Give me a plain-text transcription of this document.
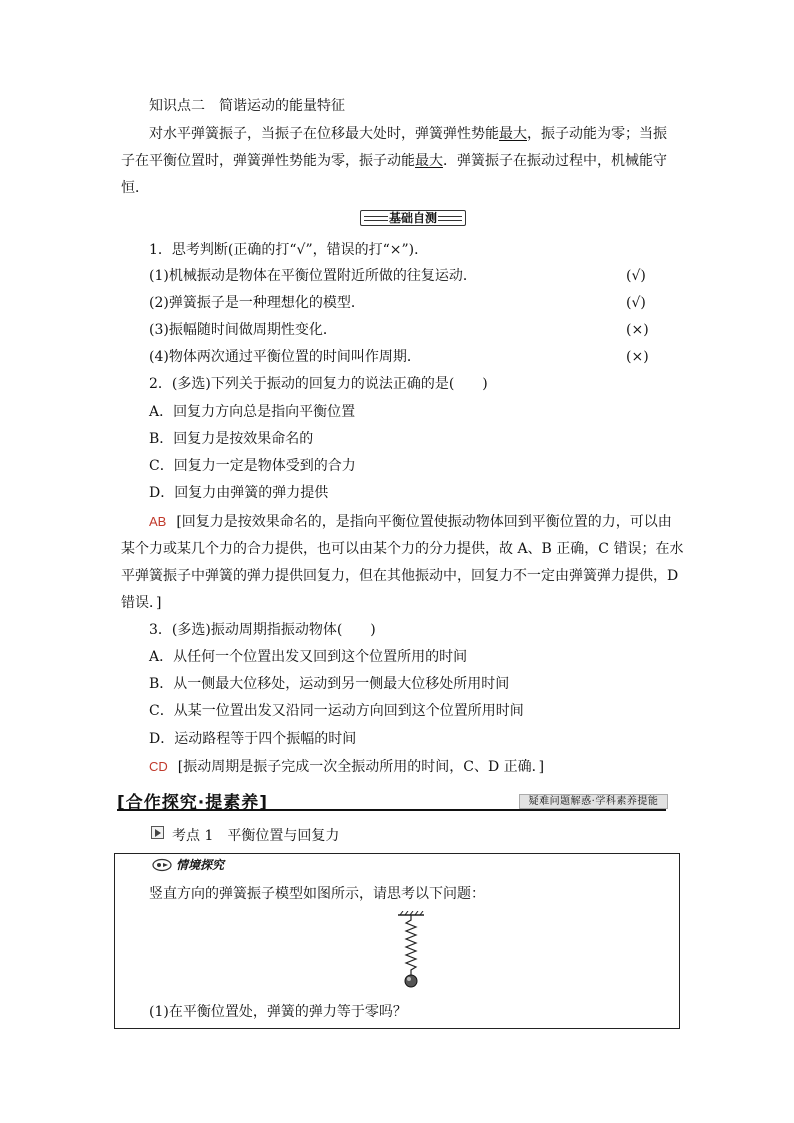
知识点二　简谐运动的能量特征
对水平弹簧振子，当振子在位移最大处时，弹簧弹性势能最大，振子动能为零；当振
子在平衡位置时，弹簧弹性势能为零，振子动能最大．弹簧振子在振动过程中，机械能守
恒．
基础自测
1．思考判断(正确的打“√”，错误的打“×”)．
(1)机械振动是物体在平衡位置附近所做的往复运动．	(√)
(2)弹簧振子是一种理想化的模型．	(√)
(3)振幅随时间做周期性变化．	(×)
(4)物体两次通过平衡位置的时间叫作周期．	(×)
2．(多选)下列关于振动的回复力的说法正确的是(　　)
A．回复力方向总是指向平衡位置
B．回复力是按效果命名的
C．回复力一定是物体受到的合力
D．回复力由弹簧的弹力提供
AB [回复力是按效果命名的，是指向平衡位置使振动物体回到平衡位置的力，可以由
某个力或某几个力的合力提供，也可以由某个力的分力提供，故 A、B 正确，C 错误；在水
平弹簧振子中弹簧的弹力提供回复力，但在其他振动中，回复力不一定由弹簧弹力提供，D
错误．]
3．(多选)振动周期指振动物体(　　)
A．从任何一个位置出发又回到这个位置所用的时间
B．从一侧最大位移处，运动到另一侧最大位移处所用时间
C．从某一位置出发又沿同一运动方向回到这个位置所用时间
D．运动路程等于四个振幅的时间
CD [振动周期是振子完成一次全振动所用的时间，C、D 正确．]
[合作探究·提素养]	疑难问题解惑·学科素养提能
考点 1　平衡位置与回复力
情境探究
竖直方向的弹簧振子模型如图所示，请思考以下问题：
(1)在平衡位置处，弹簧的弹力等于零吗？
